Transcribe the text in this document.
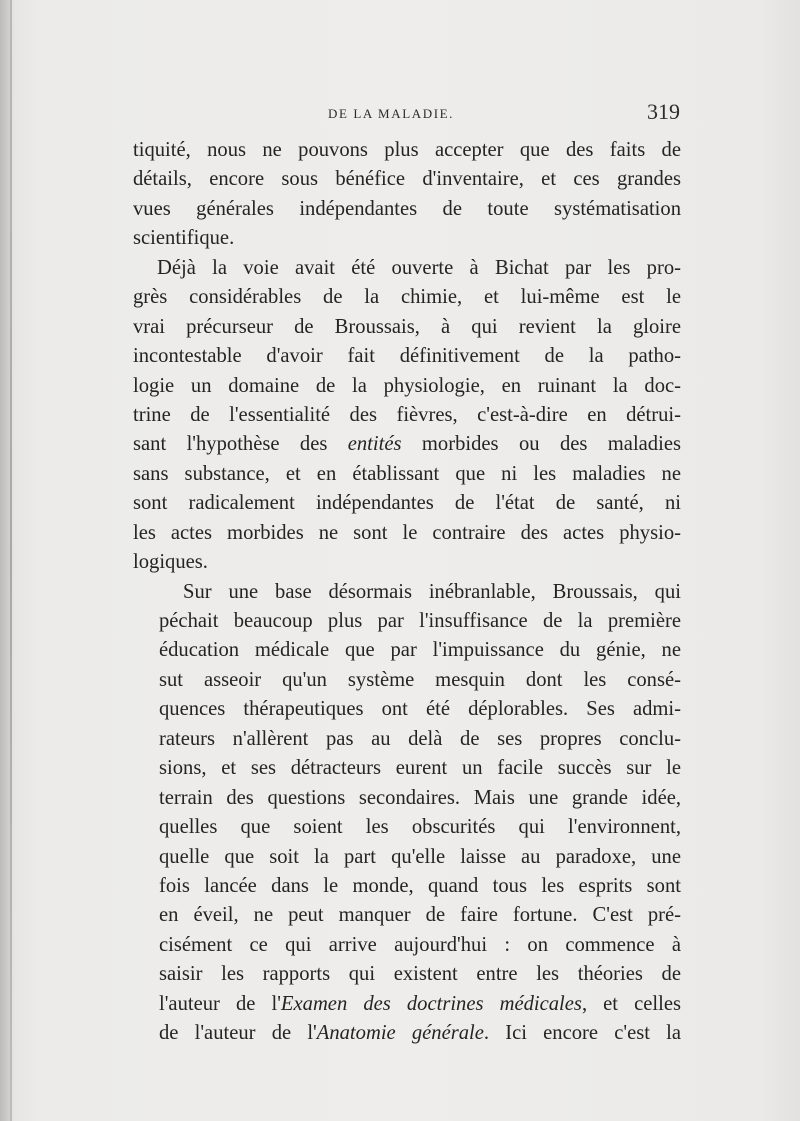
DE LA MALADIE.	319
tiquité, nous ne pouvons plus accepter que des faits de
détails, encore sous bénéfice d'inventaire, et ces grandes
vues générales indépendantes de toute systématisation
scientifique.
Déjà la voie avait été ouverte à Bichat par les pro-
grès considérables de la chimie, et lui-même est le
vrai précurseur de Broussais, à qui revient la gloire
incontestable d'avoir fait définitivement de la patho-
logie un domaine de la physiologie, en ruinant la doc-
trine de l'essentialité des fièvres, c'est-à-dire en détrui-
sant l'hypothèse des entités morbides ou des maladies
sans substance, et en établissant que ni les maladies ne
sont radicalement indépendantes de l'état de santé, ni
les actes morbides ne sont le contraire des actes physio-
logiques.
Sur une base désormais inébranlable, Broussais, qui
péchait beaucoup plus par l'insuffisance de la première
éducation médicale que par l'impuissance du génie, ne
sut asseoir qu'un système mesquin dont les consé-
quences thérapeutiques ont été déplorables. Ses admi-
rateurs n'allèrent pas au delà de ses propres conclu-
sions, et ses détracteurs eurent un facile succès sur le
terrain des questions secondaires. Mais une grande idée,
quelles que soient les obscurités qui l'environnent,
quelle que soit la part qu'elle laisse au paradoxe, une
fois lancée dans le monde, quand tous les esprits sont
en éveil, ne peut manquer de faire fortune. C'est pré-
cisément ce qui arrive aujourd'hui : on commence à
saisir les rapports qui existent entre les théories de
l'auteur de l'Examen des doctrines médicales, et celles
de l'auteur de l'Anatomie générale. Ici encore c'est la
